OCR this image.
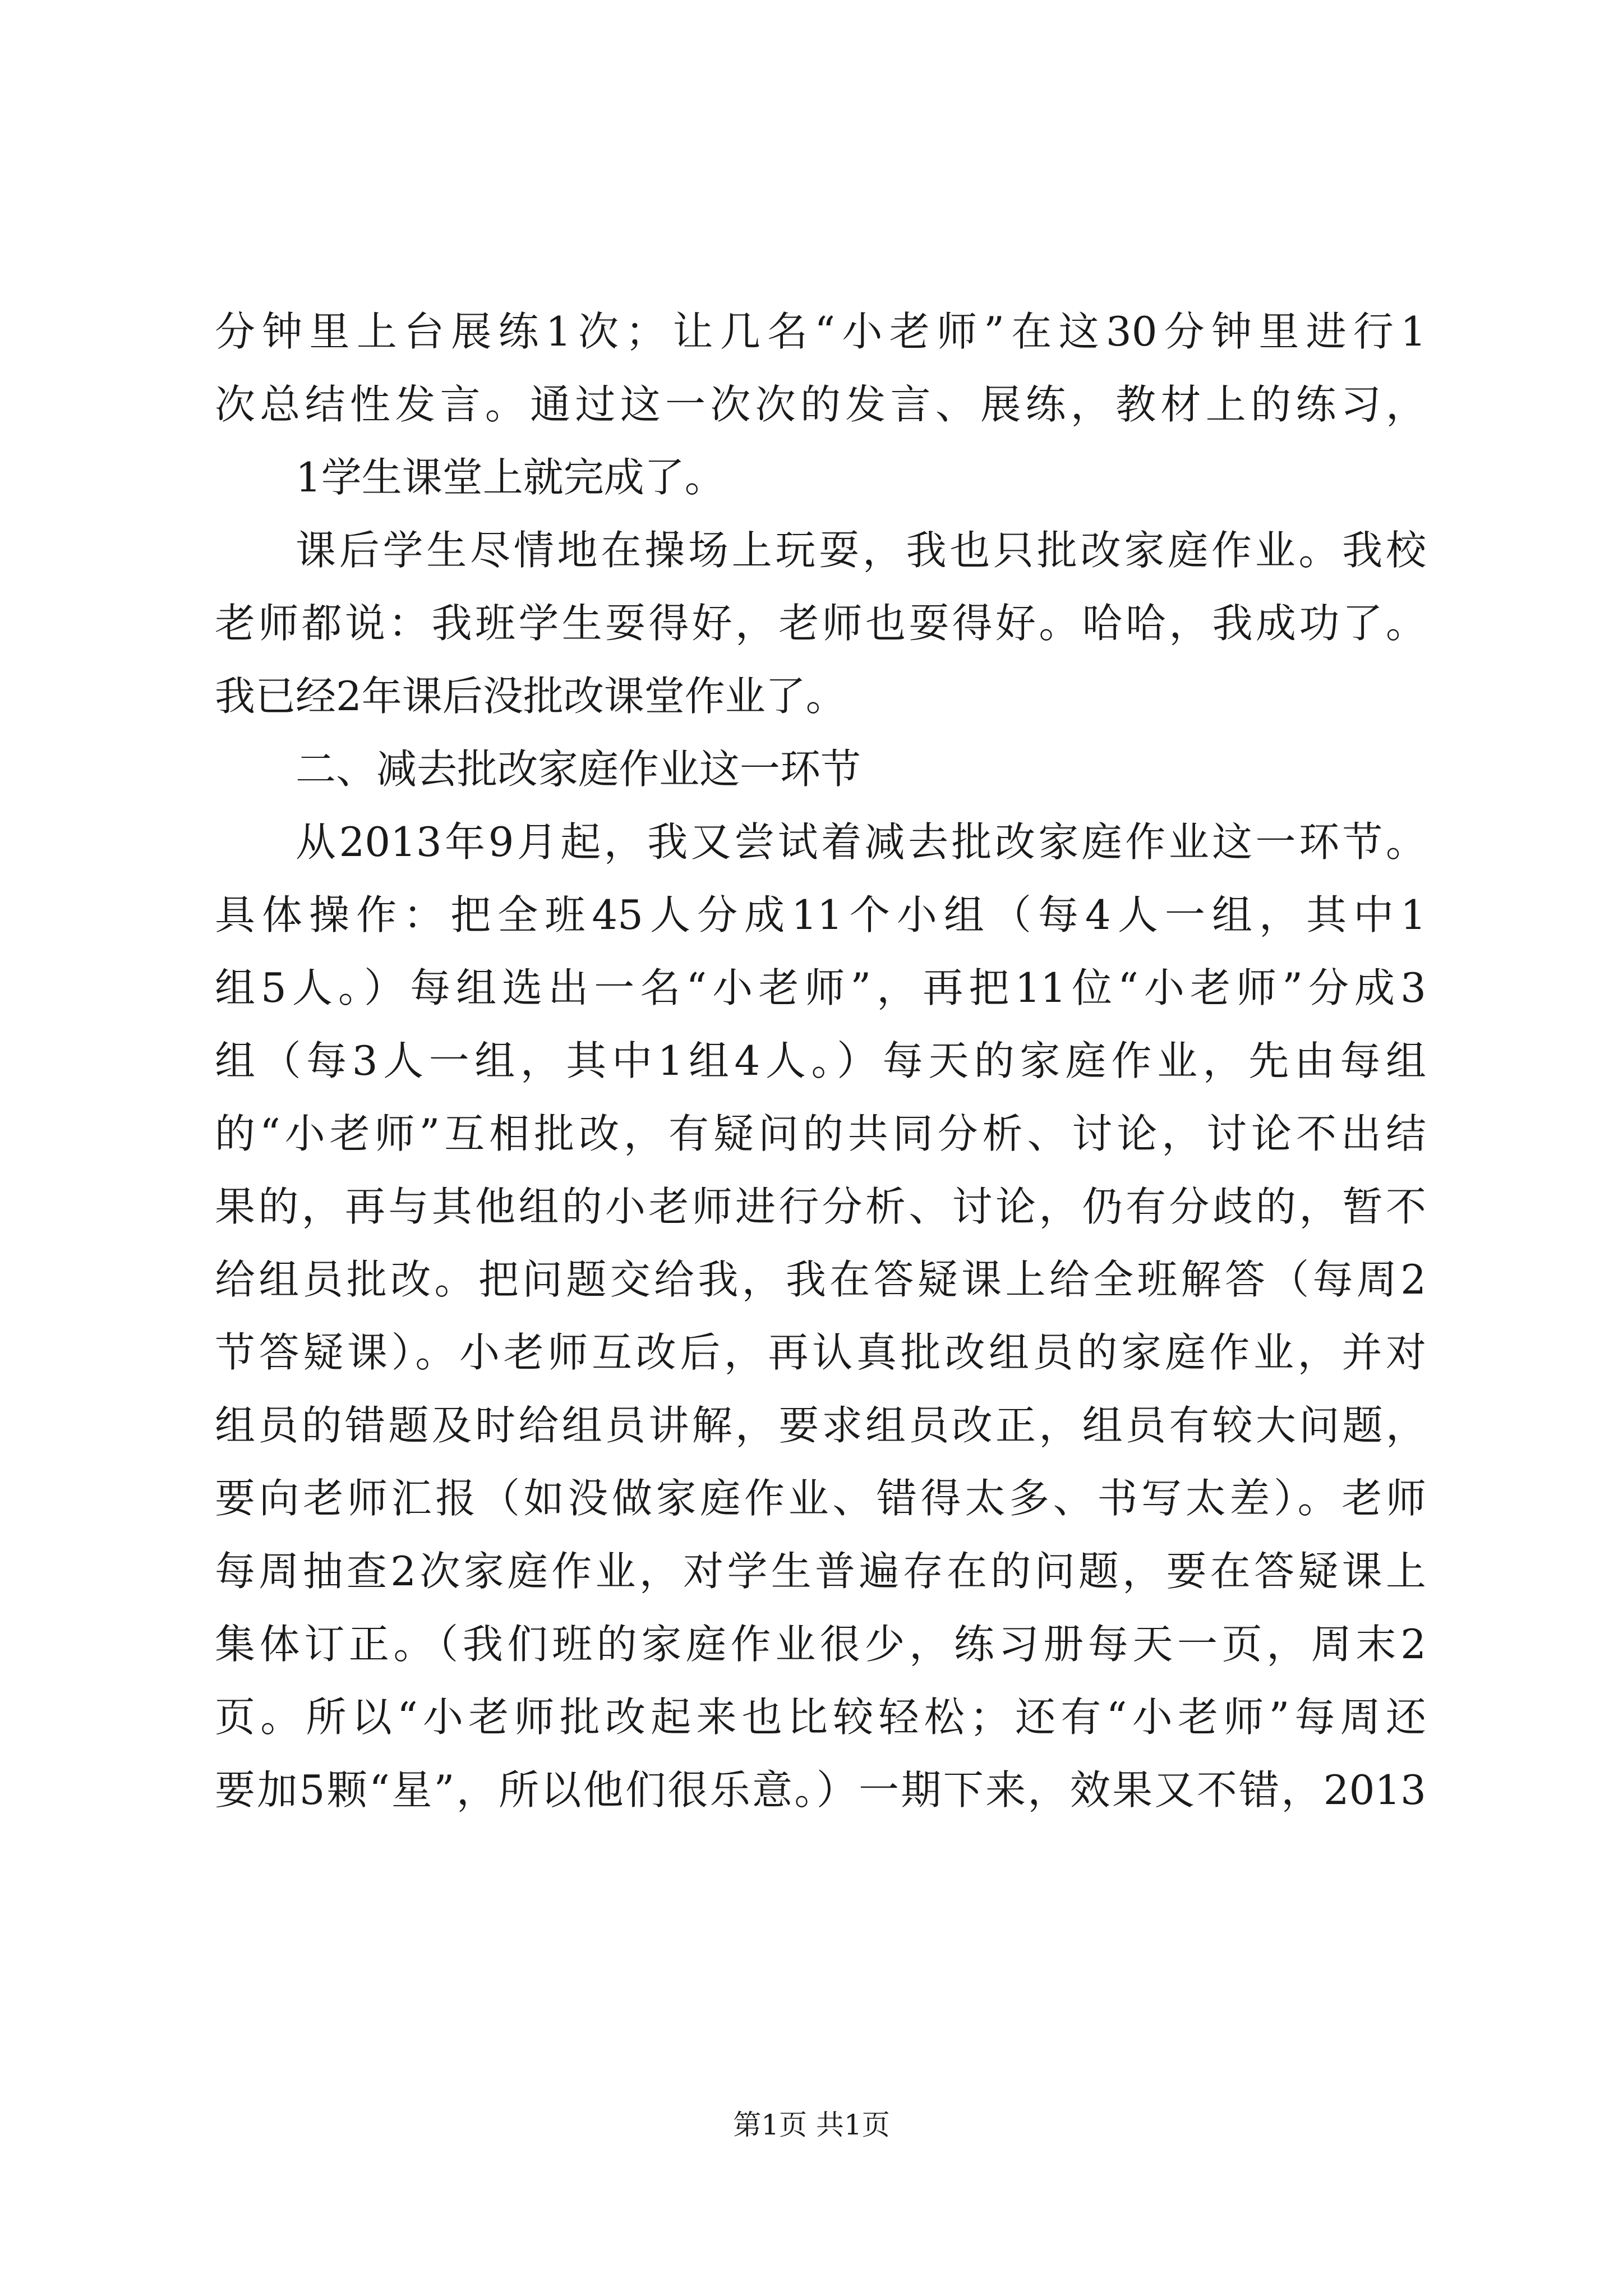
分钟里上台展练1次；让几名“小老师”在这30分钟里进行1
次总结性发言。通过这一次次的发言、展练，教材上的练习，
1学生课堂上就完成了。
课后学生尽情地在操场上玩耍，我也只批改家庭作业。我校
老师都说：我班学生耍得好，老师也耍得好。哈哈，我成功了。
我已经2年课后没批改课堂作业了。
二、减去批改家庭作业这一环节
从2013年9月起，我又尝试着减去批改家庭作业这一环节。
具体操作：把全班45人分成11个小组（每4人一组，其中1
组5人。）每组选出一名“小老师”，再把11位“小老师”分成3
组（每3人一组，其中1组4人。）每天的家庭作业，先由每组
的“小老师”互相批改，有疑问的共同分析、讨论，讨论不出结
果的，再与其他组的小老师进行分析、讨论，仍有分歧的，暂不
给组员批改。把问题交给我，我在答疑课上给全班解答（每周2
节答疑课）。小老师互改后，再认真批改组员的家庭作业，并对
组员的错题及时给组员讲解，要求组员改正，组员有较大问题，
要向老师汇报（如没做家庭作业、错得太多、书写太差）。老师
每周抽查2次家庭作业，对学生普遍存在的问题，要在答疑课上
集体订正。（我们班的家庭作业很少，练习册每天一页，周末2
页。所以“小老师批改起来也比较轻松；还有“小老师”每周还
要加5颗“星”，所以他们很乐意。）一期下来，效果又不错，2013
第1页 共1页
